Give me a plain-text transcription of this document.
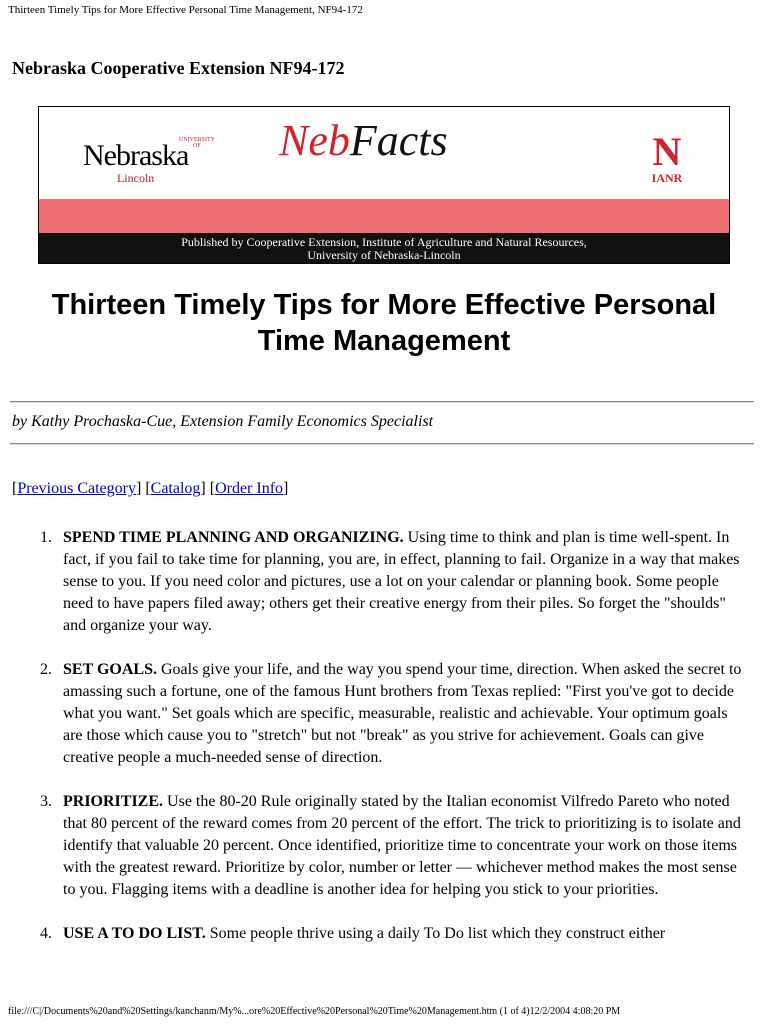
Thirteen Timely Tips for More Effective Personal Time Management, NF94-172
Nebraska Cooperative Extension NF94-172
UNIVERSITY OF
Nebraska
Lincoln
NebFacts	N
IANR
Published by Cooperative Extension, Institute of Agriculture and Natural Resources,
University of Nebraska-Lincoln
Thirteen Timely Tips for More Effective Personal
Time Management
by Kathy Prochaska-Cue, Extension Family Economics Specialist
[Previous Category] [Catalog] [Order Info]
1. SPEND TIME PLANNING AND ORGANIZING. Using time to think and plan is time well-spent. In fact, if you fail to take time for planning, you are, in effect, planning to fail. Organize in a way that makes sense to you. If you need color and pictures, use a lot on your calendar or planning book. Some people need to have papers filed away; others get their creative energy from their piles. So forget the "shoulds" and organize your way.
2. SET GOALS. Goals give your life, and the way you spend your time, direction. When asked the secret to amassing such a fortune, one of the famous Hunt brothers from Texas replied: "First you've got to decide what you want." Set goals which are specific, measurable, realistic and achievable. Your optimum goals are those which cause you to "stretch" but not "break" as you strive for achievement. Goals can give creative people a much-needed sense of direction.
3. PRIORITIZE. Use the 80-20 Rule originally stated by the Italian economist Vilfredo Pareto who noted that 80 percent of the reward comes from 20 percent of the effort. The trick to prioritizing is to isolate and identify that valuable 20 percent. Once identified, prioritize time to concentrate your work on those items with the greatest reward. Prioritize by color, number or letter — whichever method makes the most sense to you. Flagging items with a deadline is another idea for helping you stick to your priorities.
4. USE A TO DO LIST. Some people thrive using a daily To Do list which they construct either
file:///C|/Documents%20and%20Settings/kanchanm/My%...ore%20Effective%20Personal%20Time%20Management.htm (1 of 4)12/2/2004 4:08:20 PM
